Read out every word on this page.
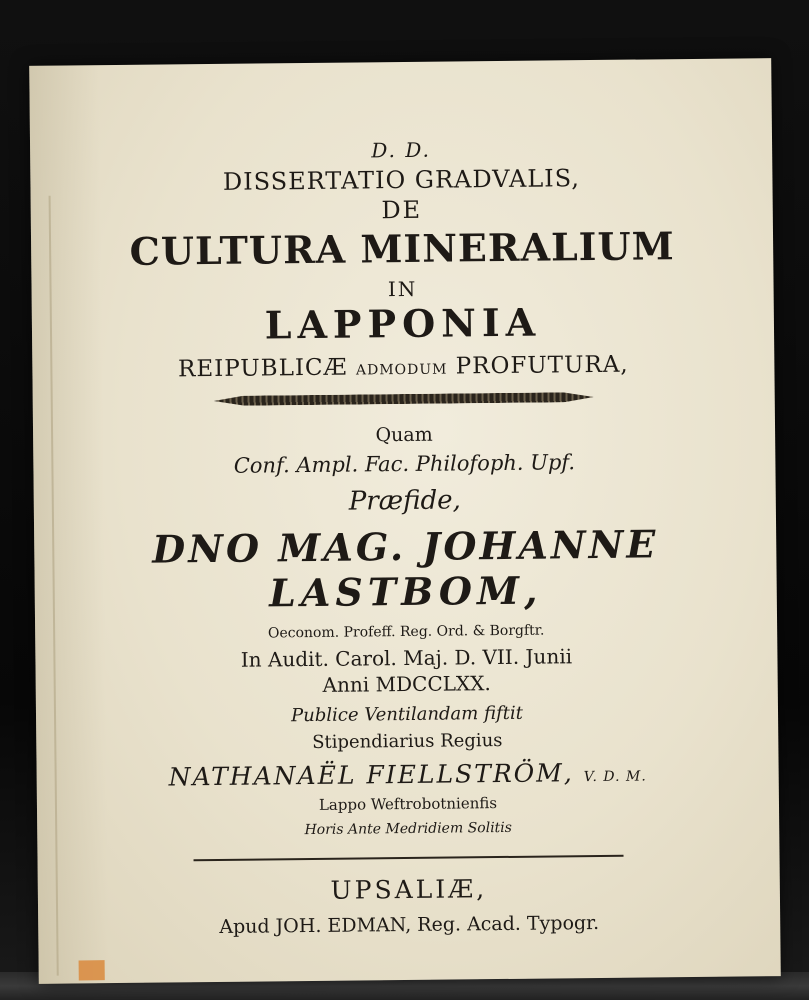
D. D.
DISSERTATIO GRADVALIS,
DE
CULTURA MINERALIUM
IN
LAPPONIA
REIPUBLICÆ ADMODUM PROFUTURA,
Quam
Conf. Ampl. Fac. Philofoph. Upf.
Præfide,
DNO MAG. JOHANNE
LASTBOM,
Oeconom. Profeff. Reg. Ord. & Borgftr.
In Audit. Carol. Maj. D. VII. Junii
Anni MDCCLXX.
Publice Ventilandam fiftit
Stipendiarius Regius
NATHANAËL FIELLSTRÖM, V. D. M.
Lappo Weftrobotnienfis
Horis Ante Medridiem Solitis
UPSALIÆ,
Apud JOH. EDMAN, Reg. Acad. Typogr.
